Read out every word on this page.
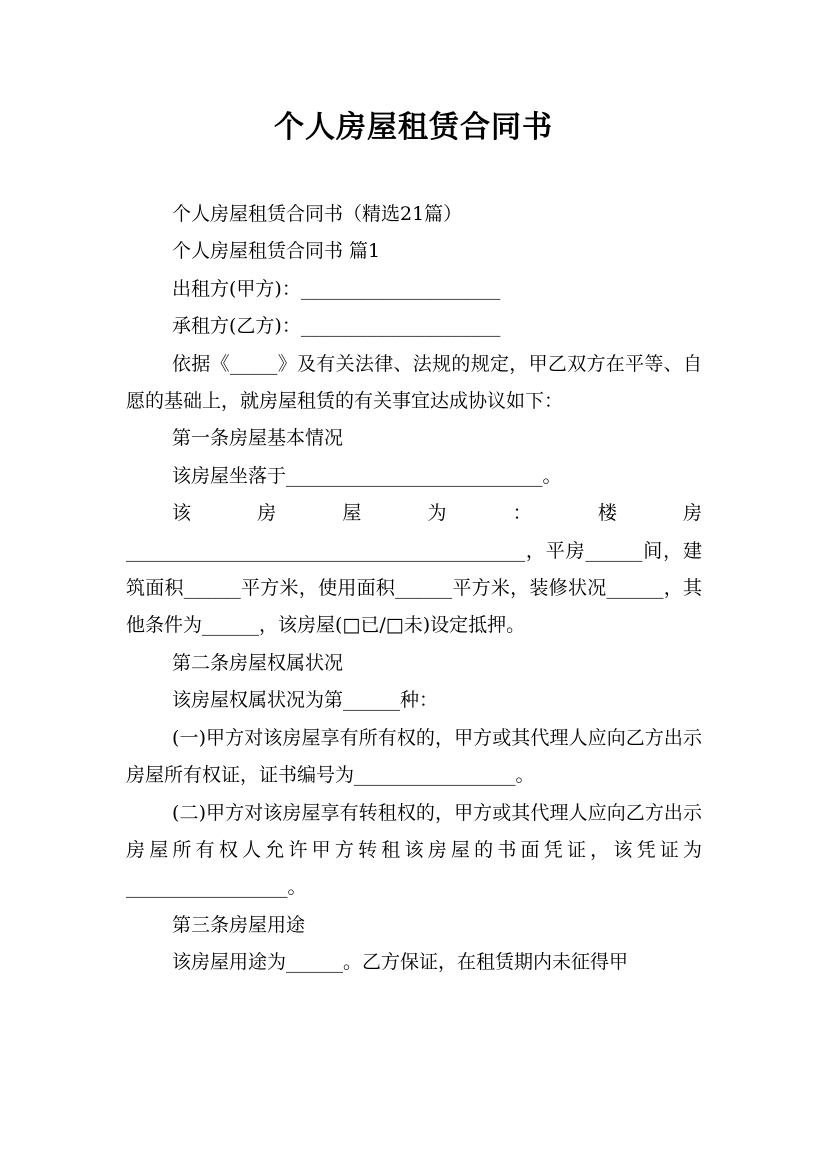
个人房屋租赁合同书

个人房屋租赁合同书（精选21篇）

个人房屋租赁合同书 篇1

出租方(甲方)：_____________________

承租方(乙方)：_____________________

依据《_____》及有关法律、法规的规定，甲乙双方在平等、自愿的基础上，就房屋租赁的有关事宜达成协议如下：

第一条房屋基本情况

该房屋坐落于___________________________。

该 房 屋 为 ： 楼 房

__________________________________________，平房______间，建筑面积______平方米，使用面积______平方米，装修状况______，其他条件为______，该房屋(□已/□未)设定抵押。

第二条房屋权属状况

该房屋权属状况为第______种：

(一)甲方对该房屋享有所有权的，甲方或其代理人应向乙方出示房屋所有权证，证书编号为_________________。

(二)甲方对该房屋享有转租权的，甲方或其代理人应向乙方出示房屋所有权人允许甲方转租该房屋的书面凭证，该凭证为_________________。

第三条房屋用途

该房屋用途为______。乙方保证，在租赁期内未征得甲
